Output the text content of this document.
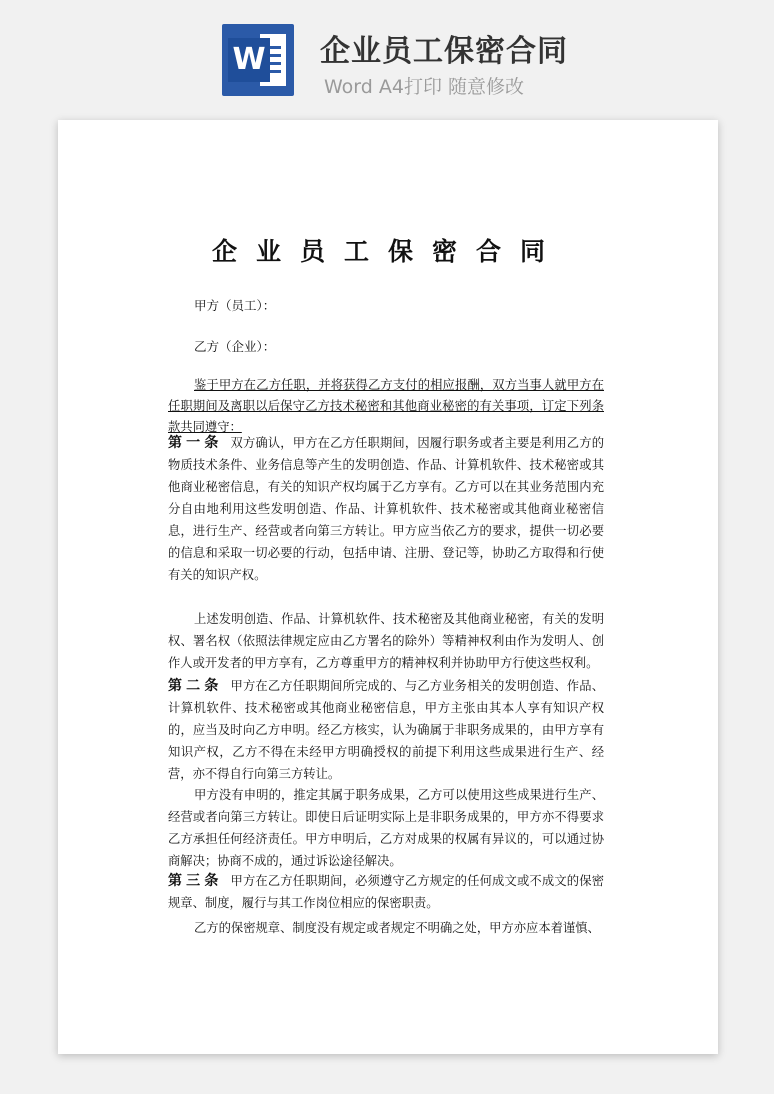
W 企业员工保密合同
Word A4打印 随意修改
企业员工保密合同
甲方（员工）：
乙方（企业）：

鉴于甲方在乙方任职，并将获得乙方支付的相应报酬，双方当事人就甲方在任职期间及离职以后保守乙方技术秘密和其他商业秘密的有关事项，订定下列条款共同遵守：

第一条 双方确认，甲方在乙方任职期间，因履行职务或者主要是利用乙方的物质技术条件、业务信息等产生的发明创造、作品、计算机软件、技术秘密或其他商业秘密信息，有关的知识产权均属于乙方享有。乙方可以在其业务范围内充分自由地利用这些发明创造、作品、计算机软件、技术秘密或其他商业秘密信息，进行生产、经营或者向第三方转让。甲方应当依乙方的要求，提供一切必要的信息和采取一切必要的行动，包括申请、注册、登记等，协助乙方取得和行使有关的知识产权。

上述发明创造、作品、计算机软件、技术秘密及其他商业秘密，有关的发明权、署名权（依照法律规定应由乙方署名的除外）等精神权利由作为发明人、创作人或开发者的甲方享有，乙方尊重甲方的精神权利并协助甲方行使这些权利。

第二条 甲方在乙方任职期间所完成的、与乙方业务相关的发明创造、作品、计算机软件、技术秘密或其他商业秘密信息，甲方主张由其本人享有知识产权的，应当及时向乙方申明。经乙方核实，认为确属于非职务成果的，由甲方享有知识产权，乙方不得在未经甲方明确授权的前提下利用这些成果进行生产、经营，亦不得自行向第三方转让。

甲方没有申明的，推定其属于职务成果，乙方可以使用这些成果进行生产、经营或者向第三方转让。即使日后证明实际上是非职务成果的，甲方亦不得要求乙方承担任何经济责任。甲方申明后，乙方对成果的权属有异议的，可以通过协商解决；协商不成的，通过诉讼途径解决。

第三条 甲方在乙方任职期间，必须遵守乙方规定的任何成文或不成文的保密规章、制度，履行与其工作岗位相应的保密职责。

乙方的保密规章、制度没有规定或者规定不明确之处，甲方亦应本着谨慎、
